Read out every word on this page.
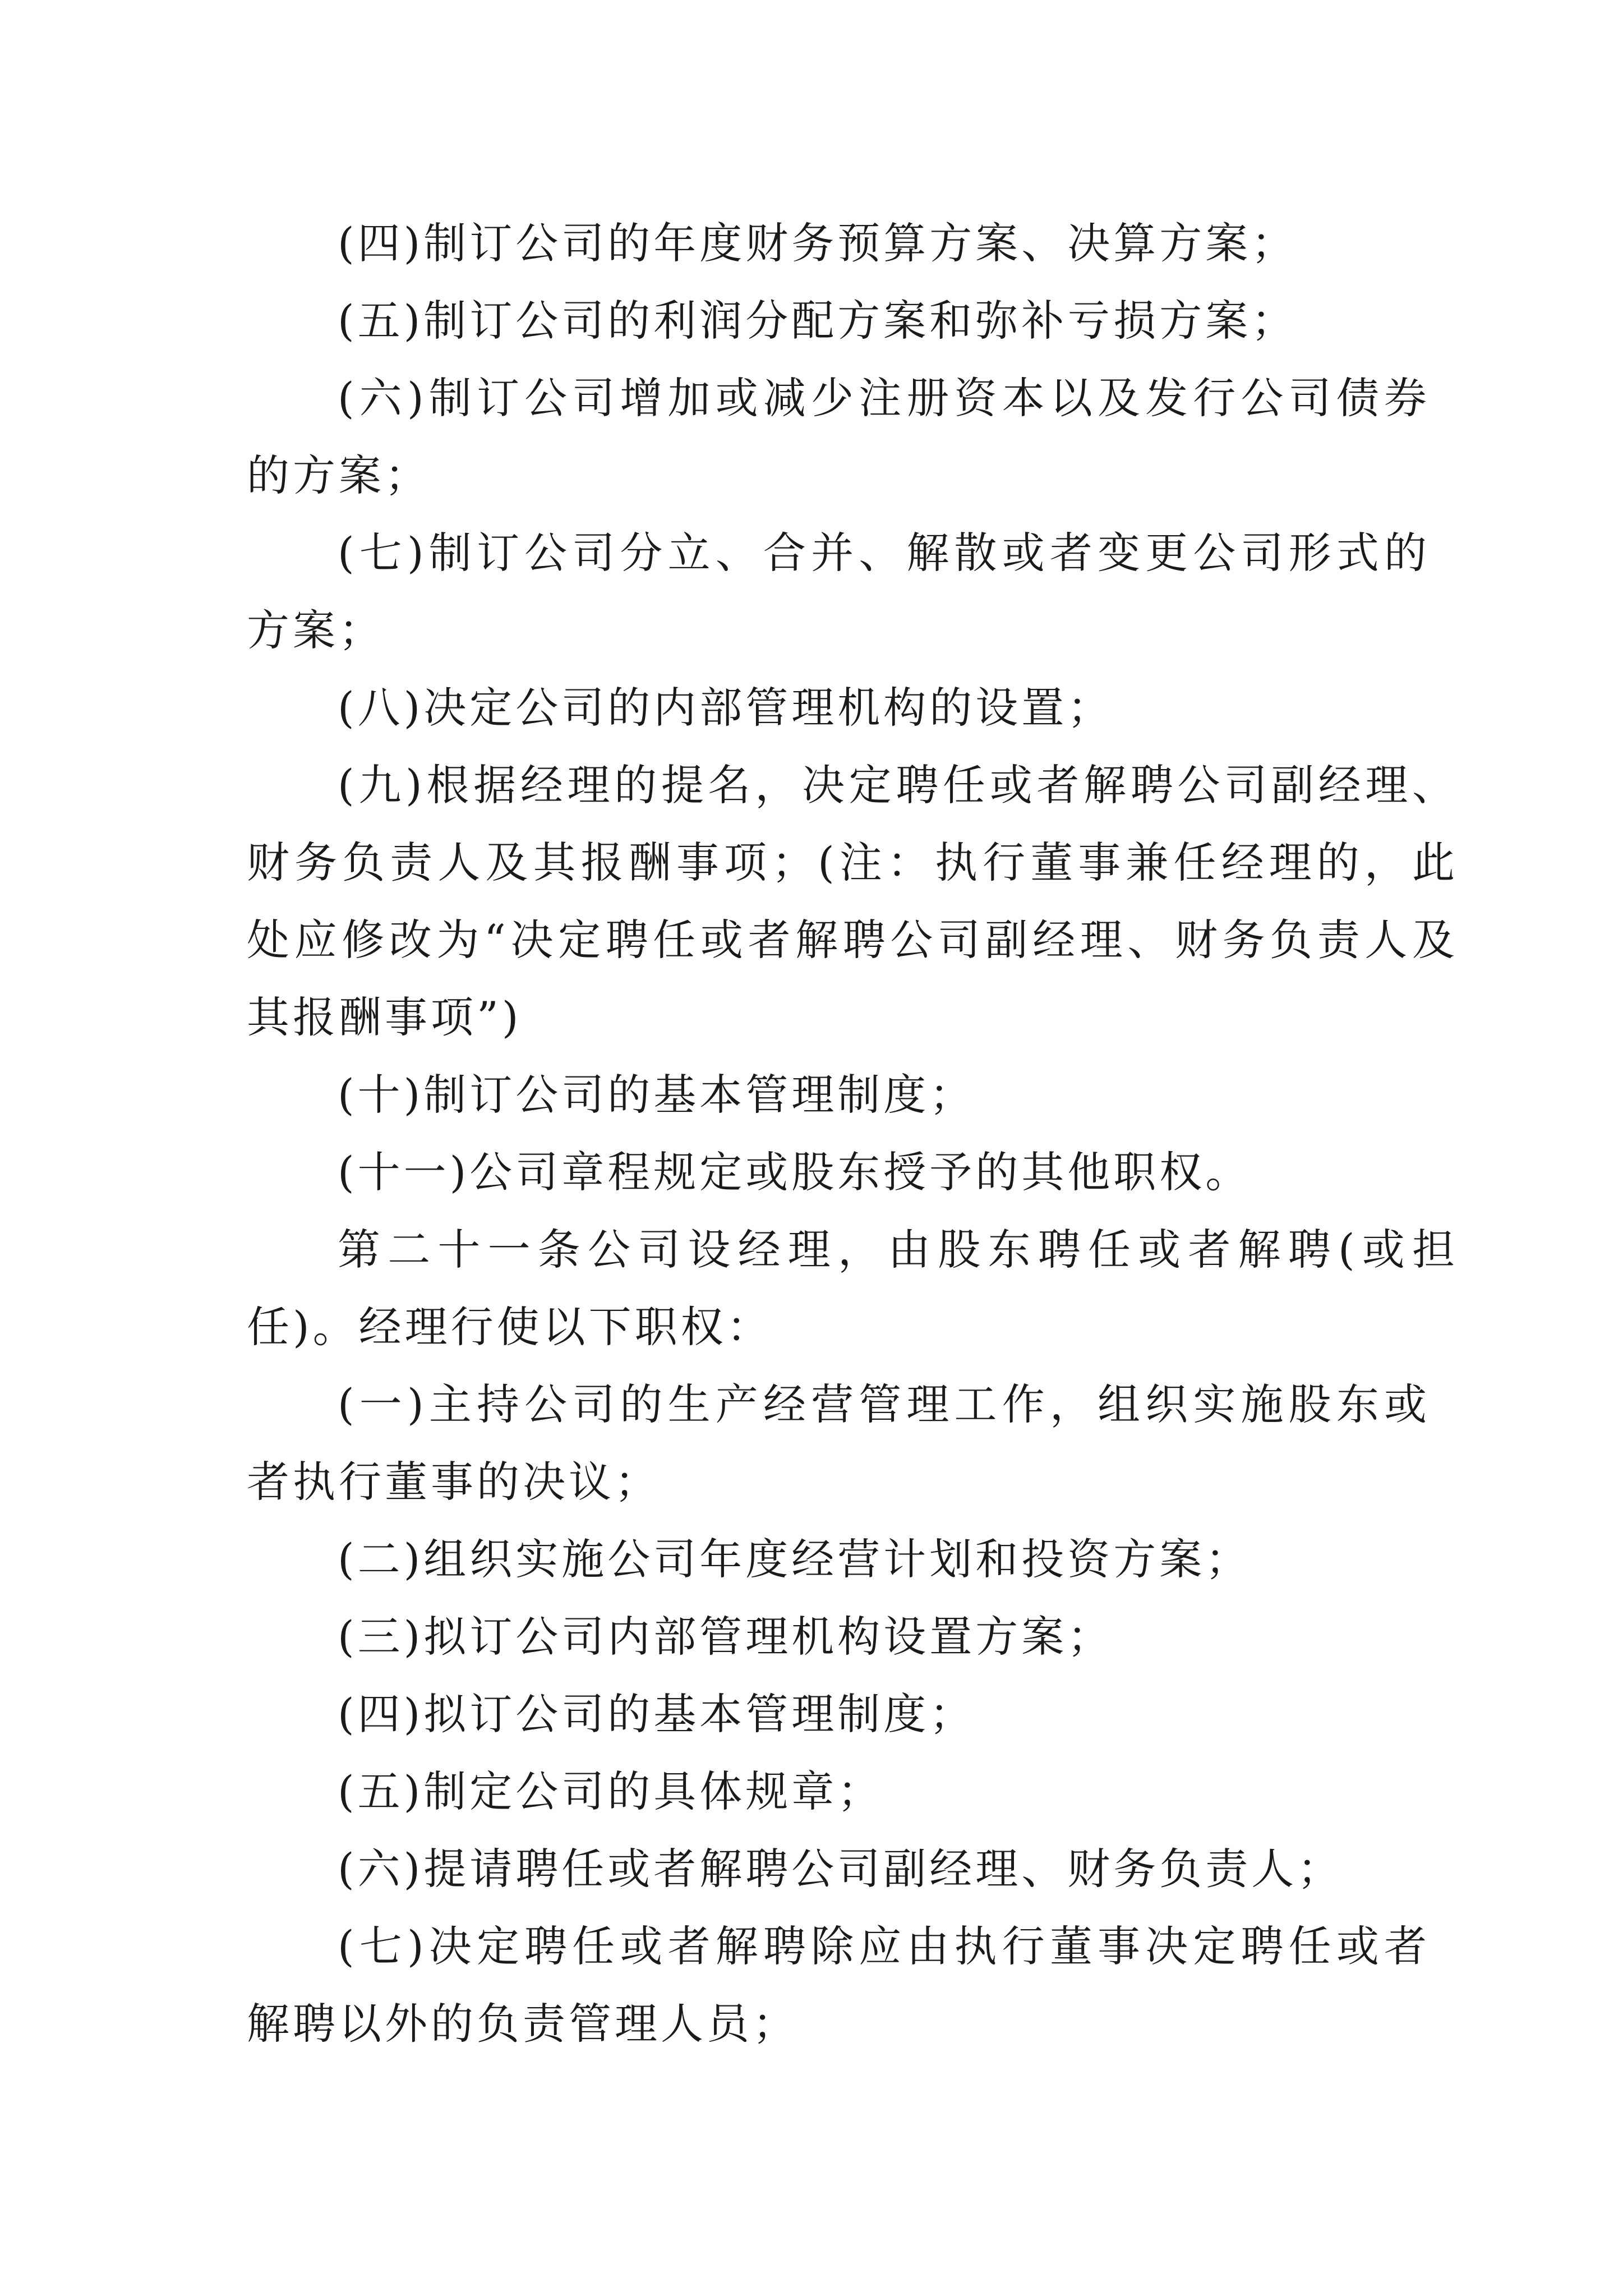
(四)制订公司的年度财务预算方案、决算方案；

(五)制订公司的利润分配方案和弥补亏损方案；

(六)制订公司增加或减少注册资本以及发行公司债券的方案；

(七)制订公司分立、合并、解散或者变更公司形式的方案；

(八)决定公司的内部管理机构的设置；

(九)根据经理的提名，决定聘任或者解聘公司副经理、财务负责人及其报酬事项；(注：执行董事兼任经理的，此处应修改为“决定聘任或者解聘公司副经理、财务负责人及其报酬事项”)

(十)制订公司的基本管理制度；

(十一)公司章程规定或股东授予的其他职权。

第二十一条公司设经理，由股东聘任或者解聘(或担任)。经理行使以下职权：

(一)主持公司的生产经营管理工作，组织实施股东或者执行董事的决议；

(二)组织实施公司年度经营计划和投资方案；

(三)拟订公司内部管理机构设置方案；

(四)拟订公司的基本管理制度；

(五)制定公司的具体规章；

(六)提请聘任或者解聘公司副经理、财务负责人；

(七)决定聘任或者解聘除应由执行董事决定聘任或者解聘以外的负责管理人员；
